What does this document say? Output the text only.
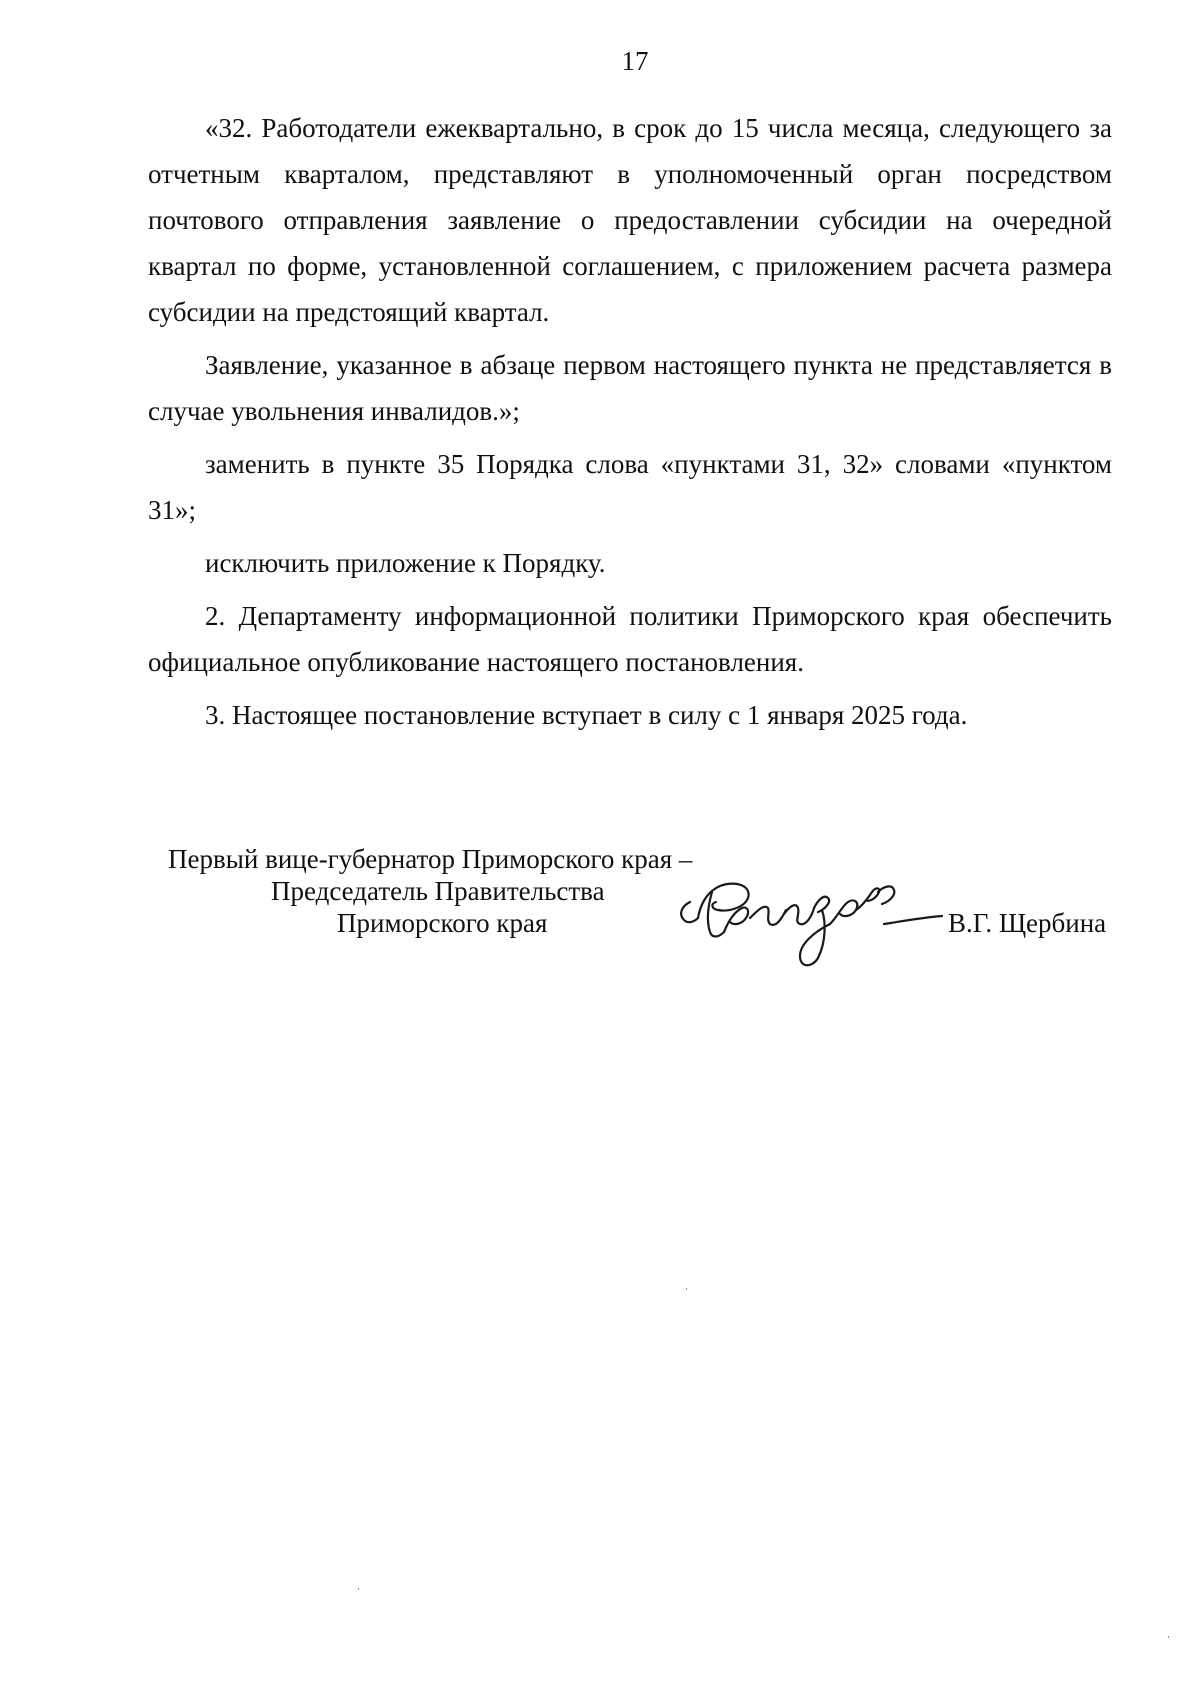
17

«32. Работодатели ежеквартально, в срок до 15 числа месяца, следующего за отчетным кварталом, представляют в уполномоченный орган посредством почтового отправления заявление о предоставлении субсидии на очередной квартал по форме, установленной соглашением, с приложением расчета размера субсидии на предстоящий квартал.

Заявление, указанное в абзаце первом настоящего пункта не представляется в случае увольнения инвалидов.»;

заменить в пункте 35 Порядка слова «пунктами 31, 32» словами «пунктом 31»;

исключить приложение к Порядку.

2. Департаменту информационной политики Приморского края обеспечить официальное опубликование настоящего постановления.

3. Настоящее постановление вступает в силу с 1 января 2025 года.

Первый вице-губернатор Приморского края –
Председатель Правительства
Приморского края	В.Г. Щербина
